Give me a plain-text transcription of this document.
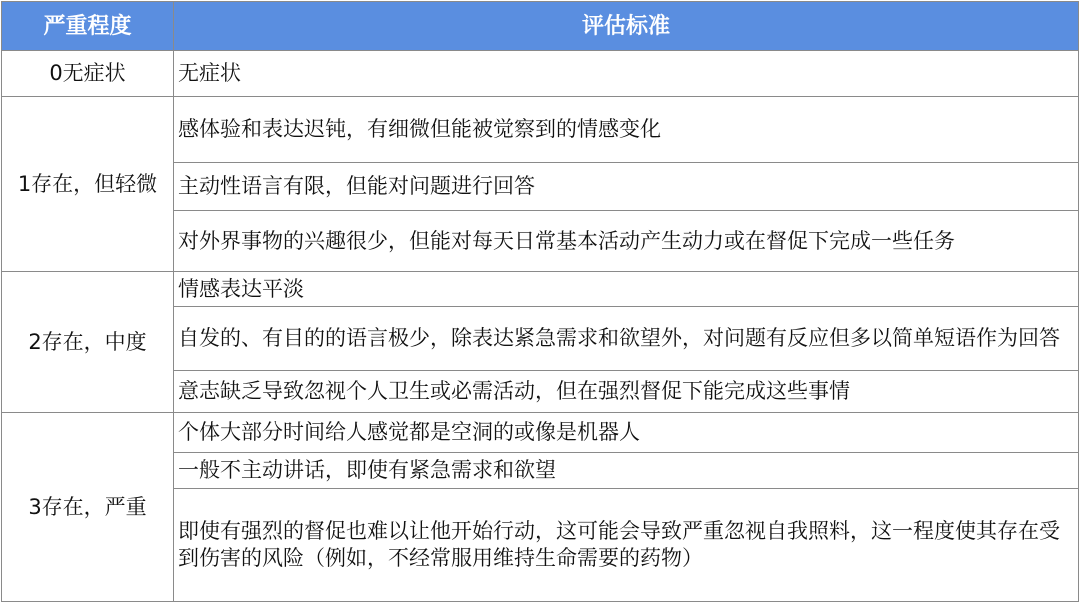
严重程度	评估标准
0无症状	无症状
1存在，但轻微	感体验和表达迟钝，有细微但能被觉察到的情感变化
	主动性语言有限，但能对问题进行回答
	对外界事物的兴趣很少，但能对每天日常基本活动产生动力或在督促下完成一些任务
2存在，中度	情感表达平淡
	自发的、有目的的语言极少，除表达紧急需求和欲望外，对问题有反应但多以简单短语作为回答
	意志缺乏导致忽视个人卫生或必需活动，但在强烈督促下能完成这些事情
3存在，严重	个体大部分时间给人感觉都是空洞的或像是机器人
	一般不主动讲话，即使有紧急需求和欲望
	即使有强烈的督促也难以让他开始行动，这可能会导致严重忽视自我照料，这一程度使其存在受到伤害的风险（例如，不经常服用维持生命需要的药物）
